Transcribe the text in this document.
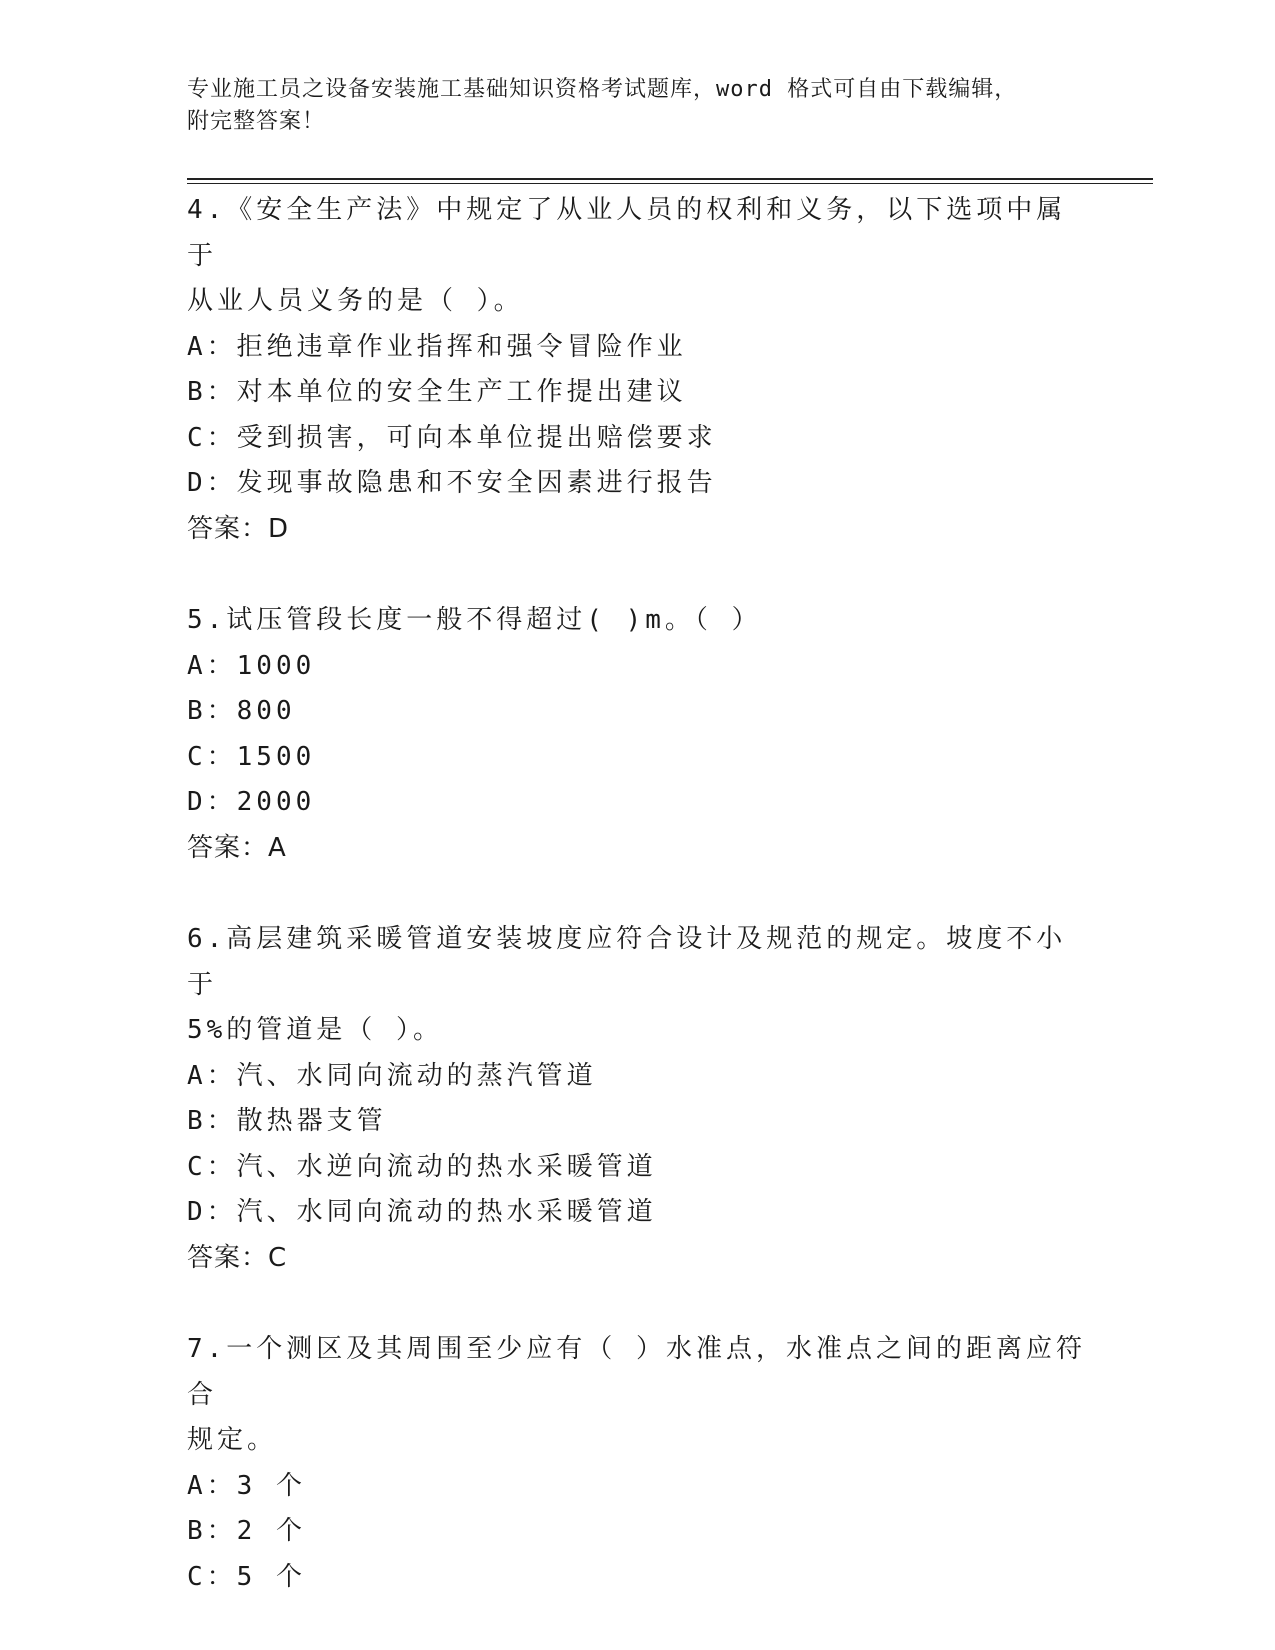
专业施工员之设备安装施工基础知识资格考试题库，word 格式可自由下载编辑，
附完整答案！
4.《安全生产法》中规定了从业人员的权利和义务，以下选项中属于
从业人员义务的是（ ）。
A：拒绝违章作业指挥和强令冒险作业
B：对本单位的安全生产工作提出建议
C：受到损害，可向本单位提出赔偿要求
D：发现事故隐患和不安全因素进行报告
答案：D
5.试压管段长度一般不得超过( )m。（ ）
A：1000
B：800
C：1500
D：2000
答案：A
6.高层建筑采暖管道安装坡度应符合设计及规范的规定。坡度不小于
5%的管道是（ ）。
A：汽、水同向流动的蒸汽管道
B：散热器支管
C：汽、水逆向流动的热水采暖管道
D：汽、水同向流动的热水采暖管道
答案：C
7.一个测区及其周围至少应有（ ）水准点，水准点之间的距离应符合
规定。
A：3 个
B：2 个
C：5 个
